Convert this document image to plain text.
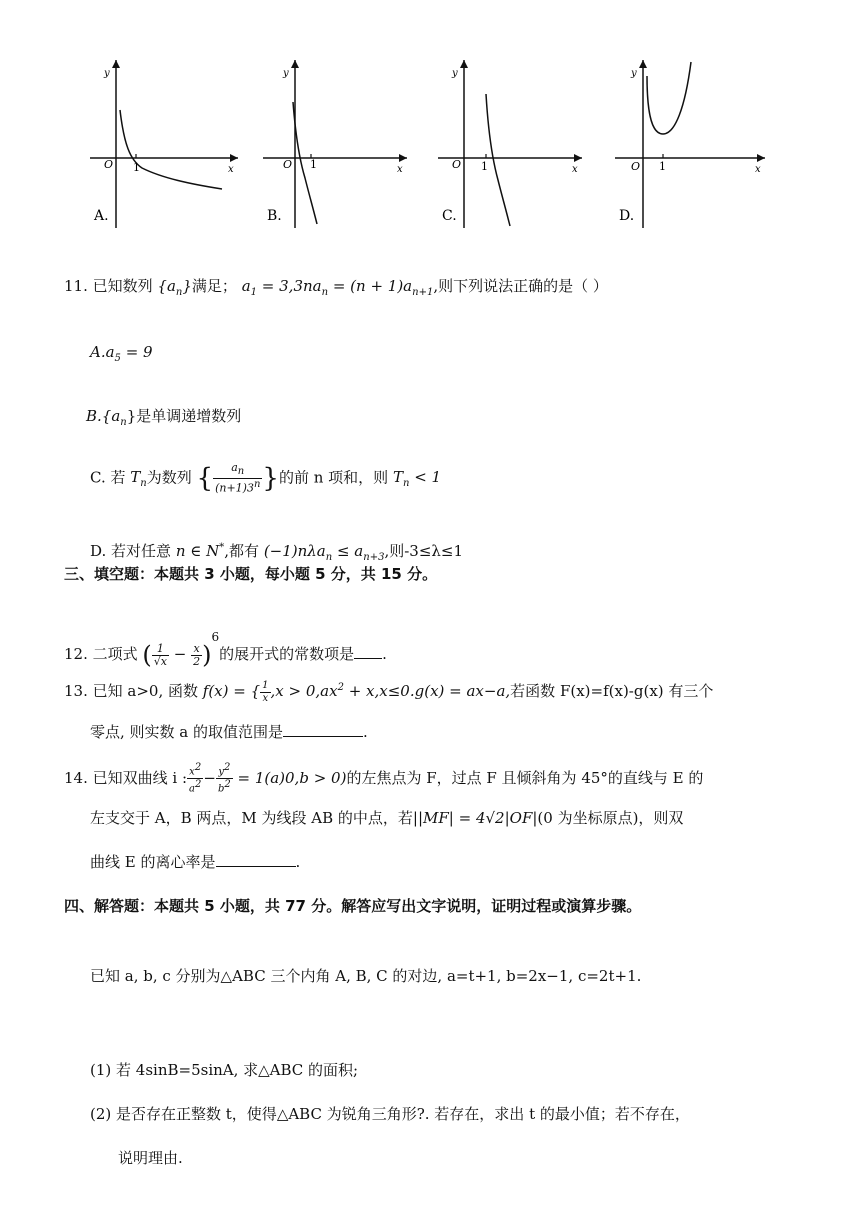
y
O 1	x
A.
y
O 1	x
B.
y
O 1	x
C.
y
O 1	x
D.
11. 已知数列 $\{a_n\}$满足； $a_1 = 3,3na_n = (n + 1)a_{n+1}$,则下列说法正确的是（ ）
$A.a_5 = 9$
$B.\{a_n\}$是单调递增数列
C. 若 $T_n$为数列 { $\frac{a_n}{(n+1)3^n}$ }的前 n 项和，则 $T_n < 1$
D. 若对任意 n ∈ N*,都有 $(-1)n\lambda a_n \le a_{n+3}$,则-3≤λ≤1
三、填空题：本题共 3 小题，每小题 5 分，共 15 分。
12. 二项式 ( $\frac{1}{√x} - \frac{x}{2} )^6$的展开式的常数项是 .
13. 已知 a>0, 函数 f(x) = { $\frac{1}{x} ,x > 0,ax^2 + x,x\le 0.g(x) = ax-a$,若函数 F(x)=f(x)-g(x) 有三个
零点, 则实数 a 的取值范围是	.
14. 已知双曲线 i : $\frac{x^2}{a^2} - \frac{y^2}{b^2} = 1(a)0,b > 0$)的左焦点为 F，过点 F 且倾斜角为 45°的直线与 E 的
左支交于 A，B 两点，M 为线段 AB 的中点，若||MF| = 4√2|OF|(0 为坐标原点)，则双
曲线 E 的离心率是	.
四、解答题：本题共 5 小题，共 77 分。解答应写出文字说明，证明过程或演算步骤。
已知 a, b, c 分别为△ABC 三个内角 A, B, C 的对边, a=t+1, b=2x−1, c=2t+1.
(1) 若 4sinB=5sinA, 求△ABC 的面积;
(2) 是否存在正整数 t，使得△ABC 为锐角三角形?. 若存在，求出 t 的最小值；若不存在，
说明理由.
